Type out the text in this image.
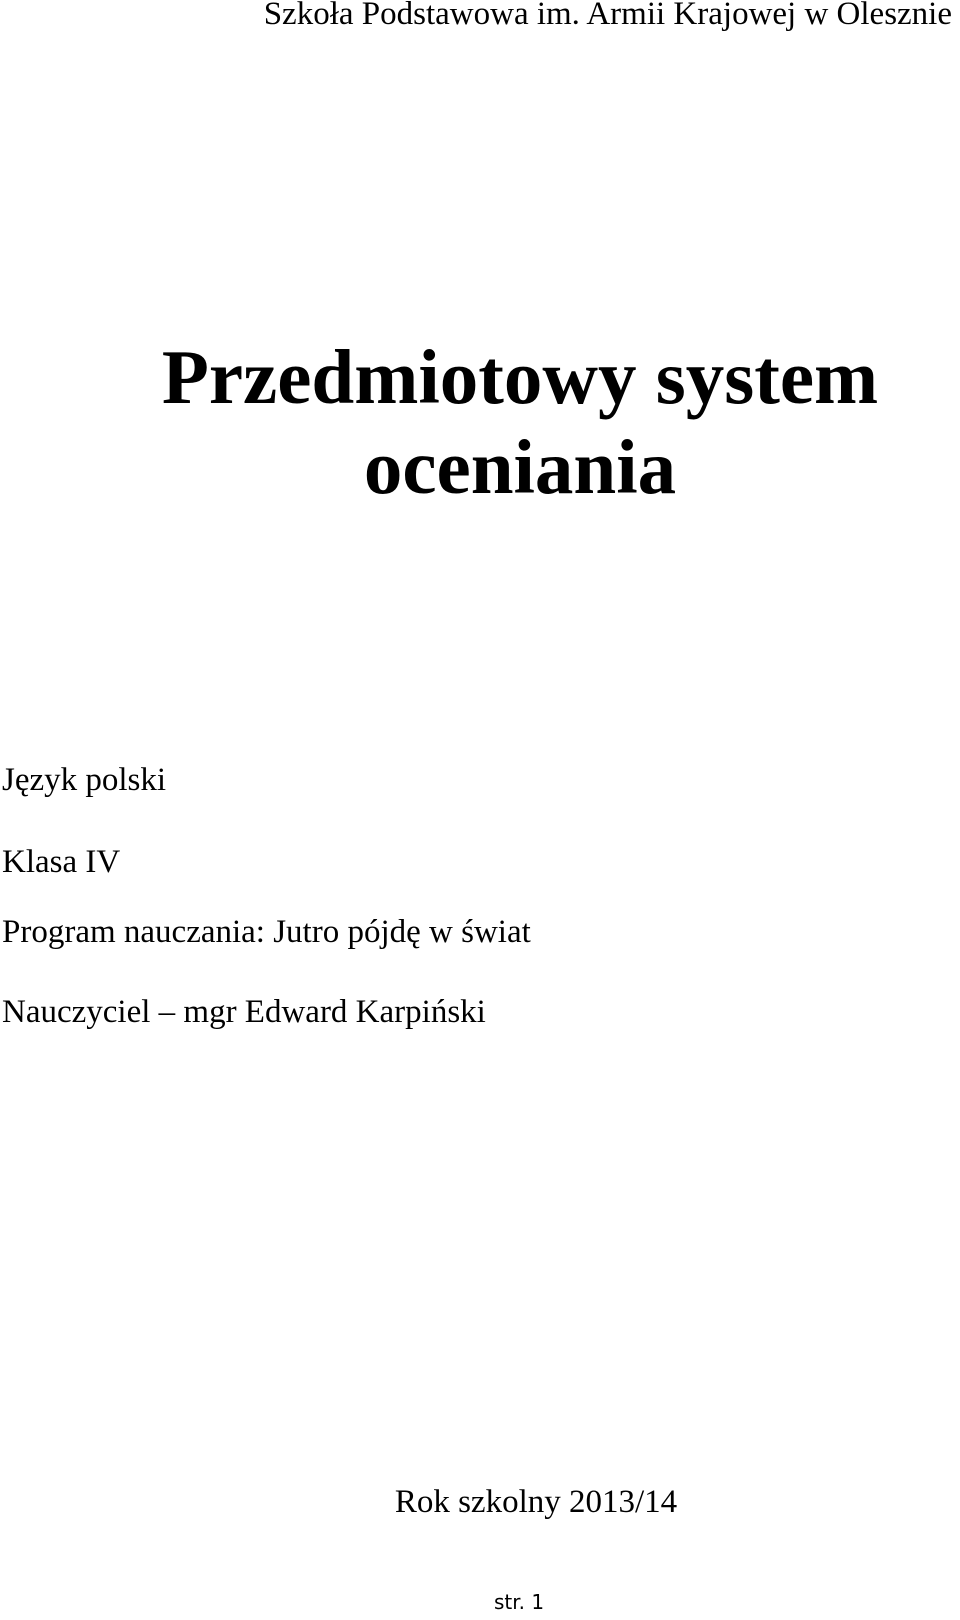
Szkoła Podstawowa im. Armii Krajowej w Olesznie
Przedmiotowy system
oceniania
Język polski
Klasa IV
Program nauczania: Jutro pójdę w świat
Nauczyciel – mgr Edward Karpiński
Rok szkolny 2013/14
str. 1
